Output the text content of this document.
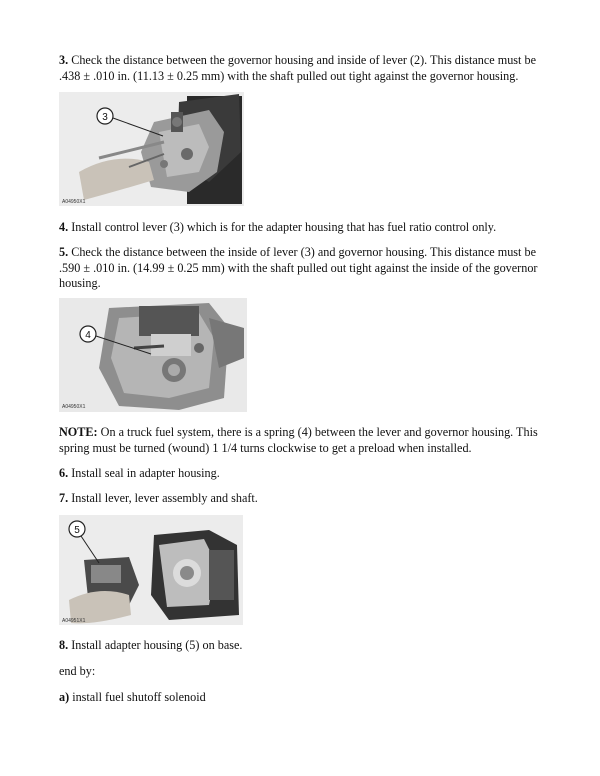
3. Check the distance between the governor housing and inside of lever (2). This distance must be .438 ± .010 in. (11.13 ± 0.25 mm) with the shaft pulled out tight against the governor housing.

3
A04950X1

4. Install control lever (3) which is for the adapter housing that has fuel ratio control only.

5. Check the distance between the inside of lever (3) and governor housing. This distance must be .590 ± .010 in. (14.99 ± 0.25 mm) with the shaft pulled out tight against the inside of the governor housing.

4
A04950X1

NOTE: On a truck fuel system, there is a spring (4) between the lever and governor housing. This spring must be turned (wound) 1 1/4 turns clockwise to get a preload when installed.

6. Install seal in adapter housing.

7. Install lever, lever assembly and shaft.

5
A04951X1

8. Install adapter housing (5) on base.

end by:

a) install fuel shutoff solenoid
